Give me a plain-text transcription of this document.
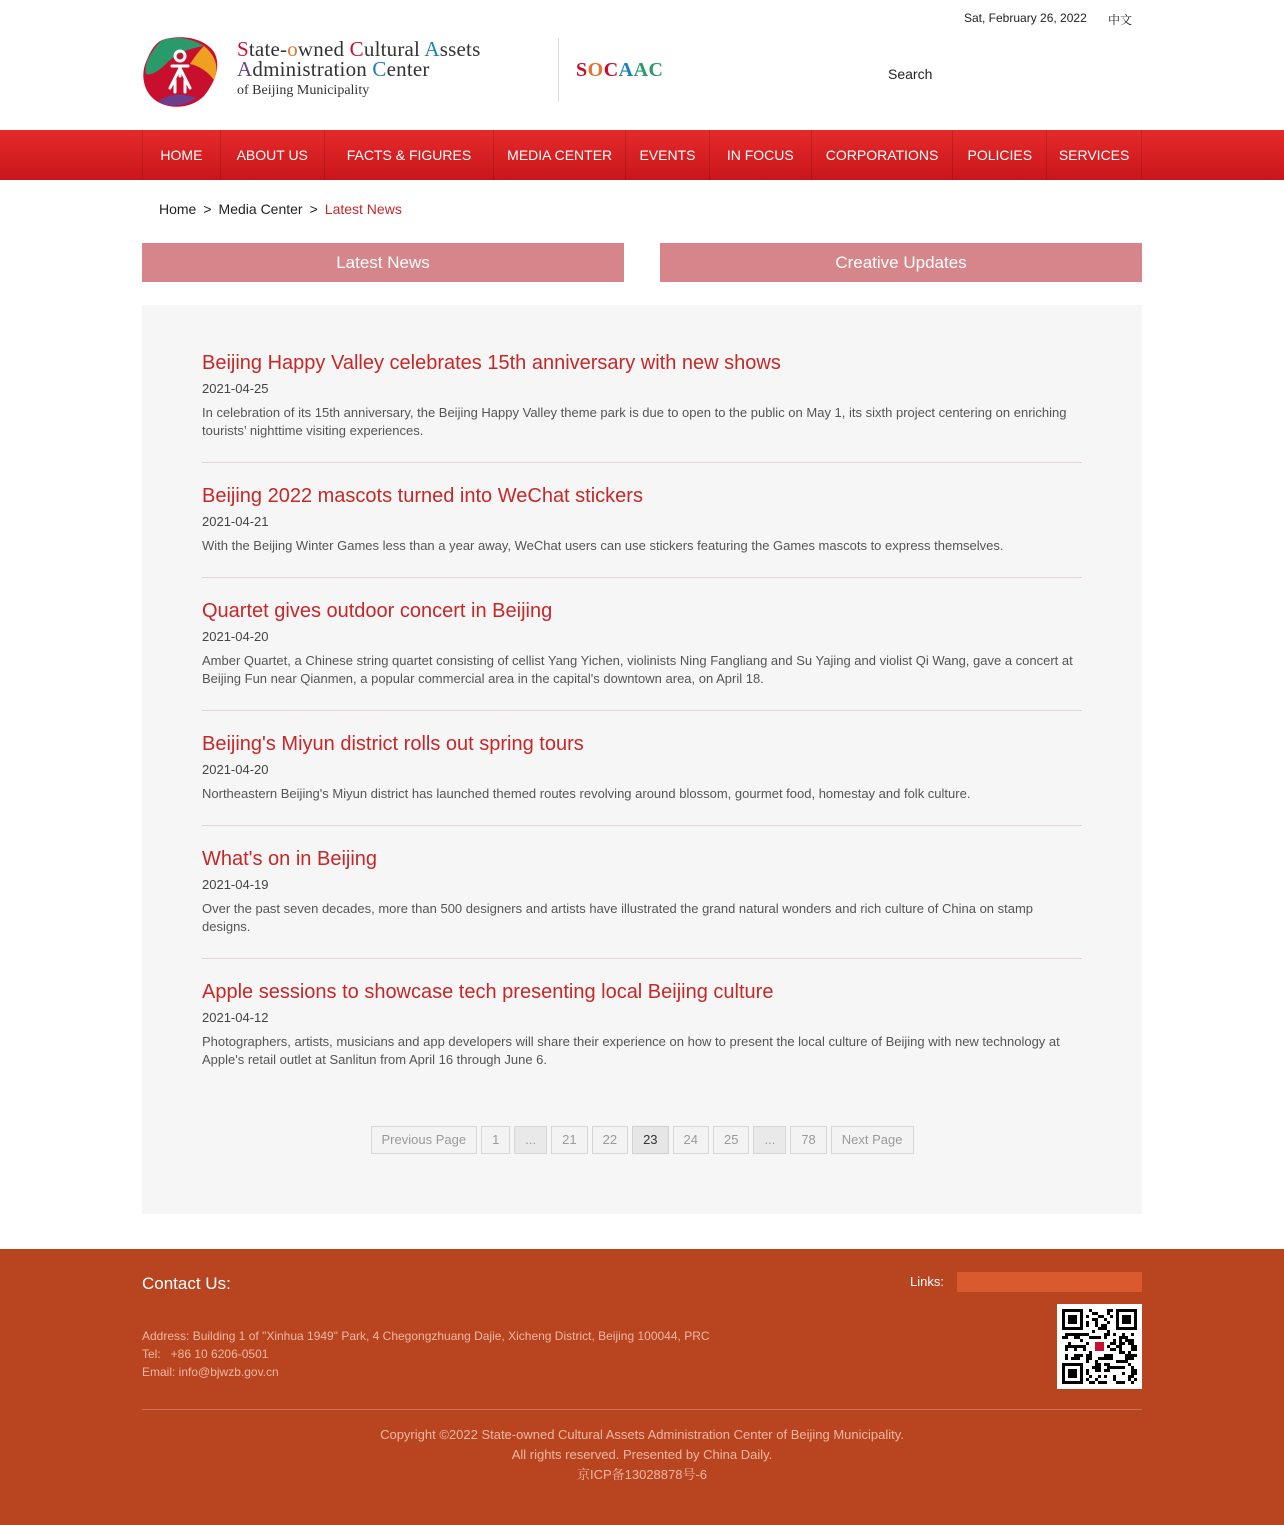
Sat, February 26, 2022 中文
State-owned Cultural Assets
Administration Center
of Beijing Municipality
SOCAAC	Search
HOME	ABOUT US	FACTS & FIGURES	MEDIA CENTER	EVENTS	IN FOCUS	CORPORATIONS	POLICIES	SERVICES
Home > Media Center > Latest News
Latest News	Creative Updates
Previous Page	1	...	21	22	23	24	25	...	78	Next Page
Beijing Happy Valley celebrates 15th anniversary with new shows
2021-04-25
In celebration of its 15th anniversary, the Beijing Happy Valley theme park is due to open to the public on May 1, its sixth project centering on enriching tourists’ nighttime visiting experiences.
Beijing 2022 mascots turned into WeChat stickers
2021-04-21
With the Beijing Winter Games less than a year away, WeChat users can use stickers featuring the Games mascots to express themselves.
Quartet gives outdoor concert in Beijing
2021-04-20
Amber Quartet, a Chinese string quartet consisting of cellist Yang Yichen, violinists Ning Fangliang and Su Yajing and violist Qi Wang, gave a concert at Beijing Fun near Qianmen, a popular commercial area in the capital's downtown area, on April 18.
Beijing's Miyun district rolls out spring tours
2021-04-20
Northeastern Beijing's Miyun district has launched themed routes revolving around blossom, gourmet food, homestay and folk culture.
What's on in Beijing
2021-04-19
Over the past seven decades, more than 500 designers and artists have illustrated the grand natural wonders and rich culture of China on stamp designs.
Apple sessions to showcase tech presenting local Beijing culture
2021-04-12
Photographers, artists, musicians and app developers will share their experience on how to present the local culture of Beijing with new technology at Apple's retail outlet at Sanlitun from April 16 through June 6.
Contact Us:	Links:
Address: Building 1 of "Xinhua 1949" Park, 4 Chegongzhuang Dajie, Xicheng District, Beijing 100044, PRC
Tel:   +86 10 6206-0501
Email: info@bjwzb.gov.cn
Copyright ©2022 State-owned Cultural Assets Administration Center of Beijing Municipality.
All rights reserved. Presented by China Daily.
京ICP备13028878号-6
